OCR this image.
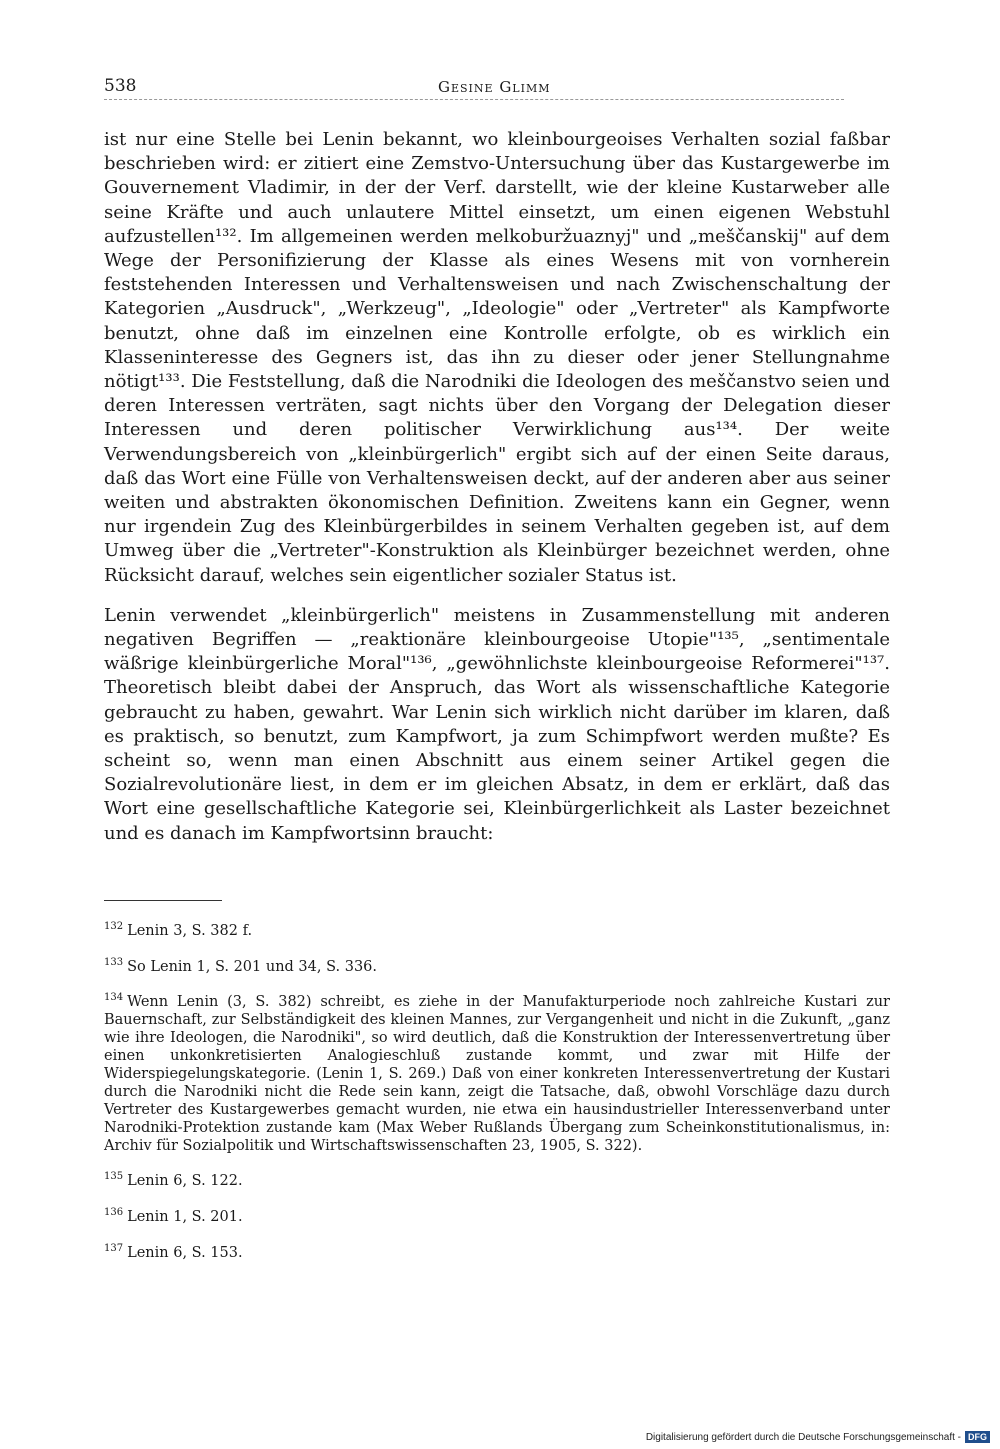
538	Gesine Glimm

ist nur eine Stelle bei Lenin bekannt, wo kleinbourgeoises Verhalten sozial faßbar beschrieben wird: er zitiert eine Zemstvo-Untersuchung über das Kustargewerbe im Gouvernement Vladimir, in der der Verf. darstellt, wie der kleine Kustarweber alle seine Kräfte und auch unlautere Mittel einsetzt, um einen eigenen Webstuhl aufzustellen¹³². Im allgemeinen werden melkoburžuaznyj" und „meščanskij" auf dem Wege der Personifizierung der Klasse als eines Wesens mit von vornherein feststehenden Interessen und Verhaltensweisen und nach Zwischenschaltung der Kategorien „Ausdruck", „Werkzeug", „Ideologie" oder „Vertreter" als Kampfworte benutzt, ohne daß im einzelnen eine Kontrolle erfolgte, ob es wirklich ein Klasseninteresse des Gegners ist, das ihn zu dieser oder jener Stellungnahme nötigt¹³³. Die Feststellung, daß die Narodniki die Ideologen des meščanstvo seien und deren Interessen verträten, sagt nichts über den Vorgang der Delegation dieser Interessen und deren politischer Verwirklichung aus¹³⁴. Der weite Verwendungsbereich von „kleinbürgerlich" ergibt sich auf der einen Seite daraus, daß das Wort eine Fülle von Verhaltensweisen deckt, auf der anderen aber aus seiner weiten und abstrakten ökonomischen Definition. Zweitens kann ein Gegner, wenn nur irgendein Zug des Kleinbürgerbildes in seinem Verhalten gegeben ist, auf dem Umweg über die „Vertreter"-Konstruktion als Kleinbürger bezeichnet werden, ohne Rücksicht darauf, welches sein eigentlicher sozialer Status ist.

Lenin verwendet „kleinbürgerlich" meistens in Zusammenstellung mit anderen negativen Begriffen — „reaktionäre kleinbourgeoise Utopie"¹³⁵, „sentimentale wäßrige kleinbürgerliche Moral"¹³⁶, „gewöhnlichste kleinbourgeoise Reformerei"¹³⁷. Theoretisch bleibt dabei der Anspruch, das Wort als wissenschaftliche Kategorie gebraucht zu haben, gewahrt. War Lenin sich wirklich nicht darüber im klaren, daß es praktisch, so benutzt, zum Kampfwort, ja zum Schimpfwort werden mußte? Es scheint so, wenn man einen Abschnitt aus einem seiner Artikel gegen die Sozialrevolutionäre liest, in dem er im gleichen Absatz, in dem er erklärt, daß das Wort eine gesellschaftliche Kategorie sei, Kleinbürgerlichkeit als Laster bezeichnet und es danach im Kampfwortsinn braucht:

$^{132}$ Lenin 3, S. 382 f.
$^{133}$ So Lenin 1, S. 201 und 34, S. 336.
$^{134}$ Wenn Lenin (3, S. 382) schreibt, es ziehe in der Manufakturperiode noch zahlreiche Kustari zur Bauernschaft, zur Selbständigkeit des kleinen Mannes, zur Vergangenheit und nicht in die Zukunft, „ganz wie ihre Ideologen, die Narodniki", so wird deutlich, daß die Konstruktion der Interessenvertretung über einen unkonkretisierten Analogieschluß zustande kommt, und zwar mit Hilfe der Widerspiegelungskategorie. (Lenin 1, S. 269.) Daß von einer konkreten Interessenvertretung der Kustari durch die Narodniki nicht die Rede sein kann, zeigt die Tatsache, daß, obwohl Vorschläge dazu durch Vertreter des Kustargewerbes gemacht wurden, nie etwa ein hausindustrieller Interessenverband unter Narodniki-Protektion zustande kam (Max Weber Rußlands Übergang zum Scheinkonstitutionalismus, in: Archiv für Sozialpolitik und Wirtschaftswissenschaften 23, 1905, S. 322).
$^{135}$ Lenin 6, S. 122.
$^{136}$ Lenin 1, S. 201.
$^{137}$ Lenin 6, S. 153.
Digitalisierung gefördert durch die Deutsche Forschungsgemeinschaft - DFG
